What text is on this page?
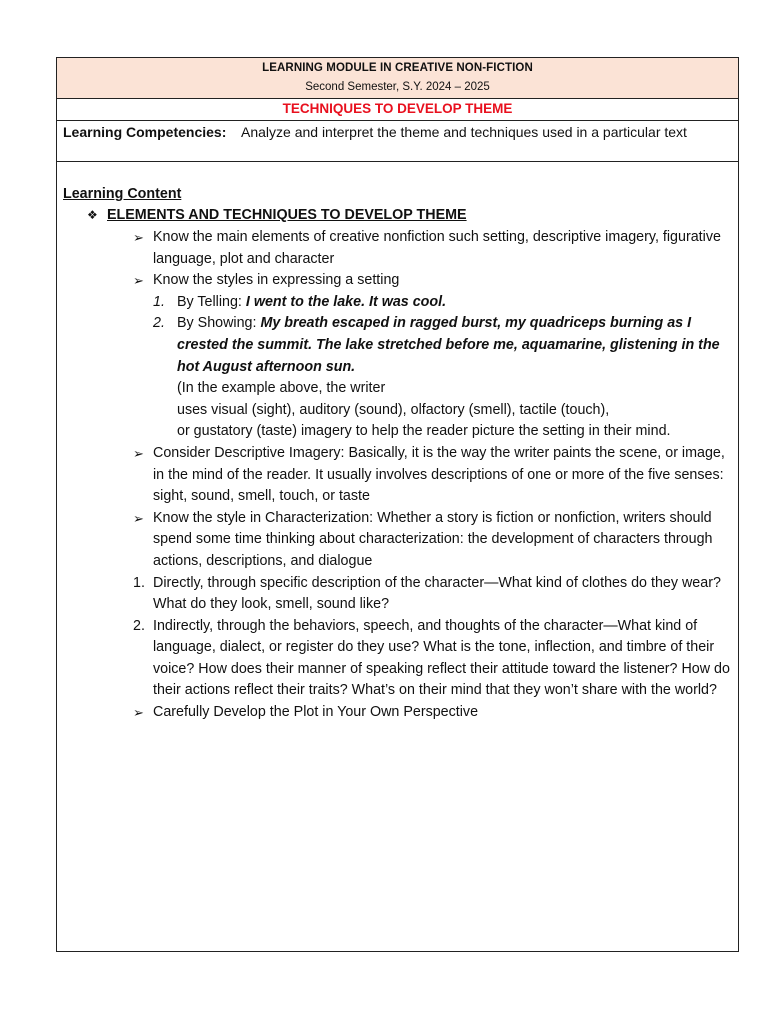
LEARNING MODULE IN CREATIVE NON-FICTION
Second Semester, S.Y. 2024 – 2025
TECHNIQUES TO DEVELOP THEME
Learning Competencies: Analyze and interpret the theme and techniques used in a particular text
Learning Content
❖ ELEMENTS AND TECHNIQUES TO DEVELOP THEME
➢ Know the main elements of creative nonfiction such setting, descriptive imagery, figurative language, plot and character
➢ Know the styles in expressing a setting
1. By Telling: I went to the lake. It was cool.
2. By Showing: My breath escaped in ragged burst, my quadriceps burning as I crested the summit. The lake stretched before me, aquamarine, glistening in the hot August afternoon sun.
(In the example above, the writer
uses visual (sight), auditory (sound), olfactory (smell), tactile (touch),
or gustatory (taste) imagery to help the reader picture the setting in their mind.
➢ Consider Descriptive Imagery: Basically, it is the way the writer paints the scene, or image, in the mind of the reader. It usually involves descriptions of one or more of the five senses: sight, sound, smell, touch, or taste
➢ Know the style in Characterization: Whether a story is fiction or nonfiction, writers should spend some time thinking about characterization: the development of characters through actions, descriptions, and dialogue
1. Directly, through specific description of the character—What kind of clothes do they wear? What do they look, smell, sound like?
2. Indirectly, through the behaviors, speech, and thoughts of the character—What kind of language, dialect, or register do they use? What is the tone, inflection, and timbre of their voice? How does their manner of speaking reflect their attitude toward the listener? How do their actions reflect their traits? What’s on their mind that they won’t share with the world?
➢ Carefully Develop the Plot in Your Own Perspective
